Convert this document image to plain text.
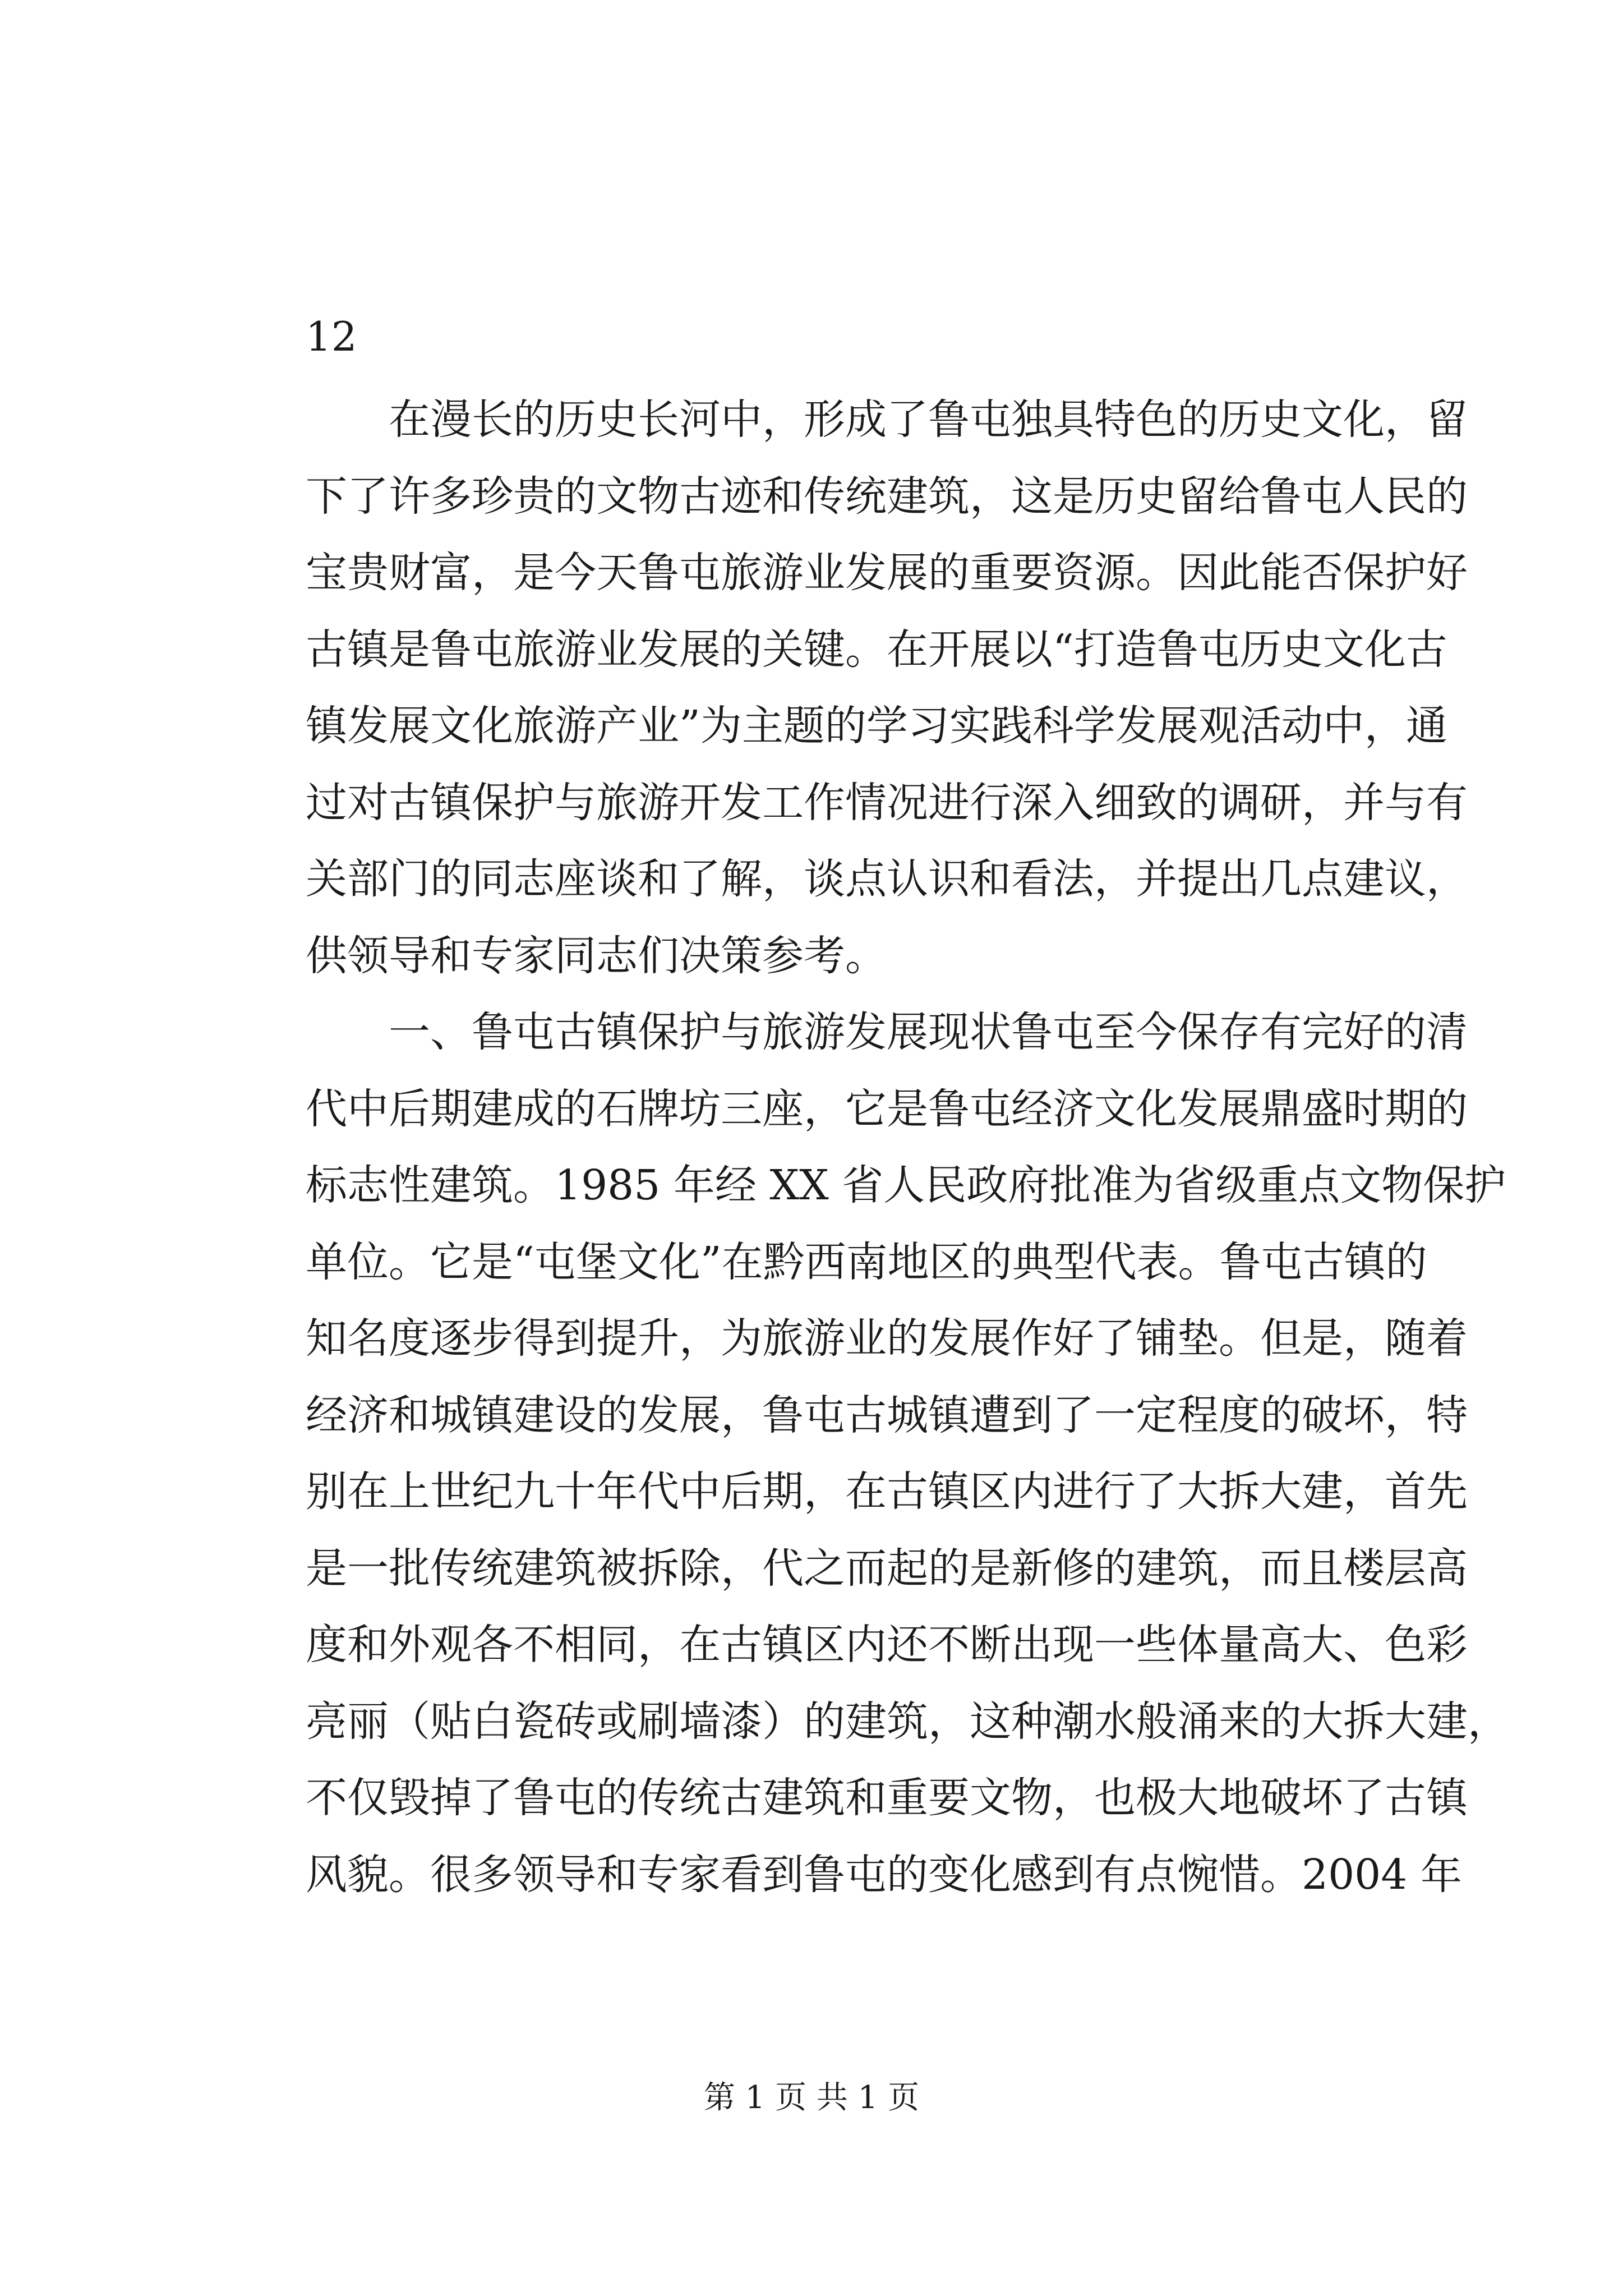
12

在漫长的历史长河中，形成了鲁屯独具特色的历史文化，留
下了许多珍贵的文物古迹和传统建筑，这是历史留给鲁屯人民的
宝贵财富，是今天鲁屯旅游业发展的重要资源。因此能否保护好
古镇是鲁屯旅游业发展的关键。在开展以“打造鲁屯历史文化古
镇发展文化旅游产业”为主题的学习实践科学发展观活动中，通
过对古镇保护与旅游开发工作情况进行深入细致的调研，并与有
关部门的同志座谈和了解，谈点认识和看法，并提出几点建议，
供领导和专家同志们决策参考。

一、鲁屯古镇保护与旅游发展现状鲁屯至今保存有完好的清
代中后期建成的石牌坊三座，它是鲁屯经济文化发展鼎盛时期的
标志性建筑。1985 年经 XX 省人民政府批准为省级重点文物保护
单位。它是“屯堡文化”在黔西南地区的典型代表。鲁屯古镇的
知名度逐步得到提升，为旅游业的发展作好了铺垫。但是，随着
经济和城镇建设的发展，鲁屯古城镇遭到了一定程度的破坏，特
别在上世纪九十年代中后期，在古镇区内进行了大拆大建，首先
是一批传统建筑被拆除，代之而起的是新修的建筑，而且楼层高
度和外观各不相同，在古镇区内还不断出现一些体量高大、色彩
亮丽（贴白瓷砖或刷墙漆）的建筑，这种潮水般涌来的大拆大建，
不仅毁掉了鲁屯的传统古建筑和重要文物，也极大地破坏了古镇
风貌。很多领导和专家看到鲁屯的变化感到有点惋惜。2004 年

第 1 页 共 1 页
